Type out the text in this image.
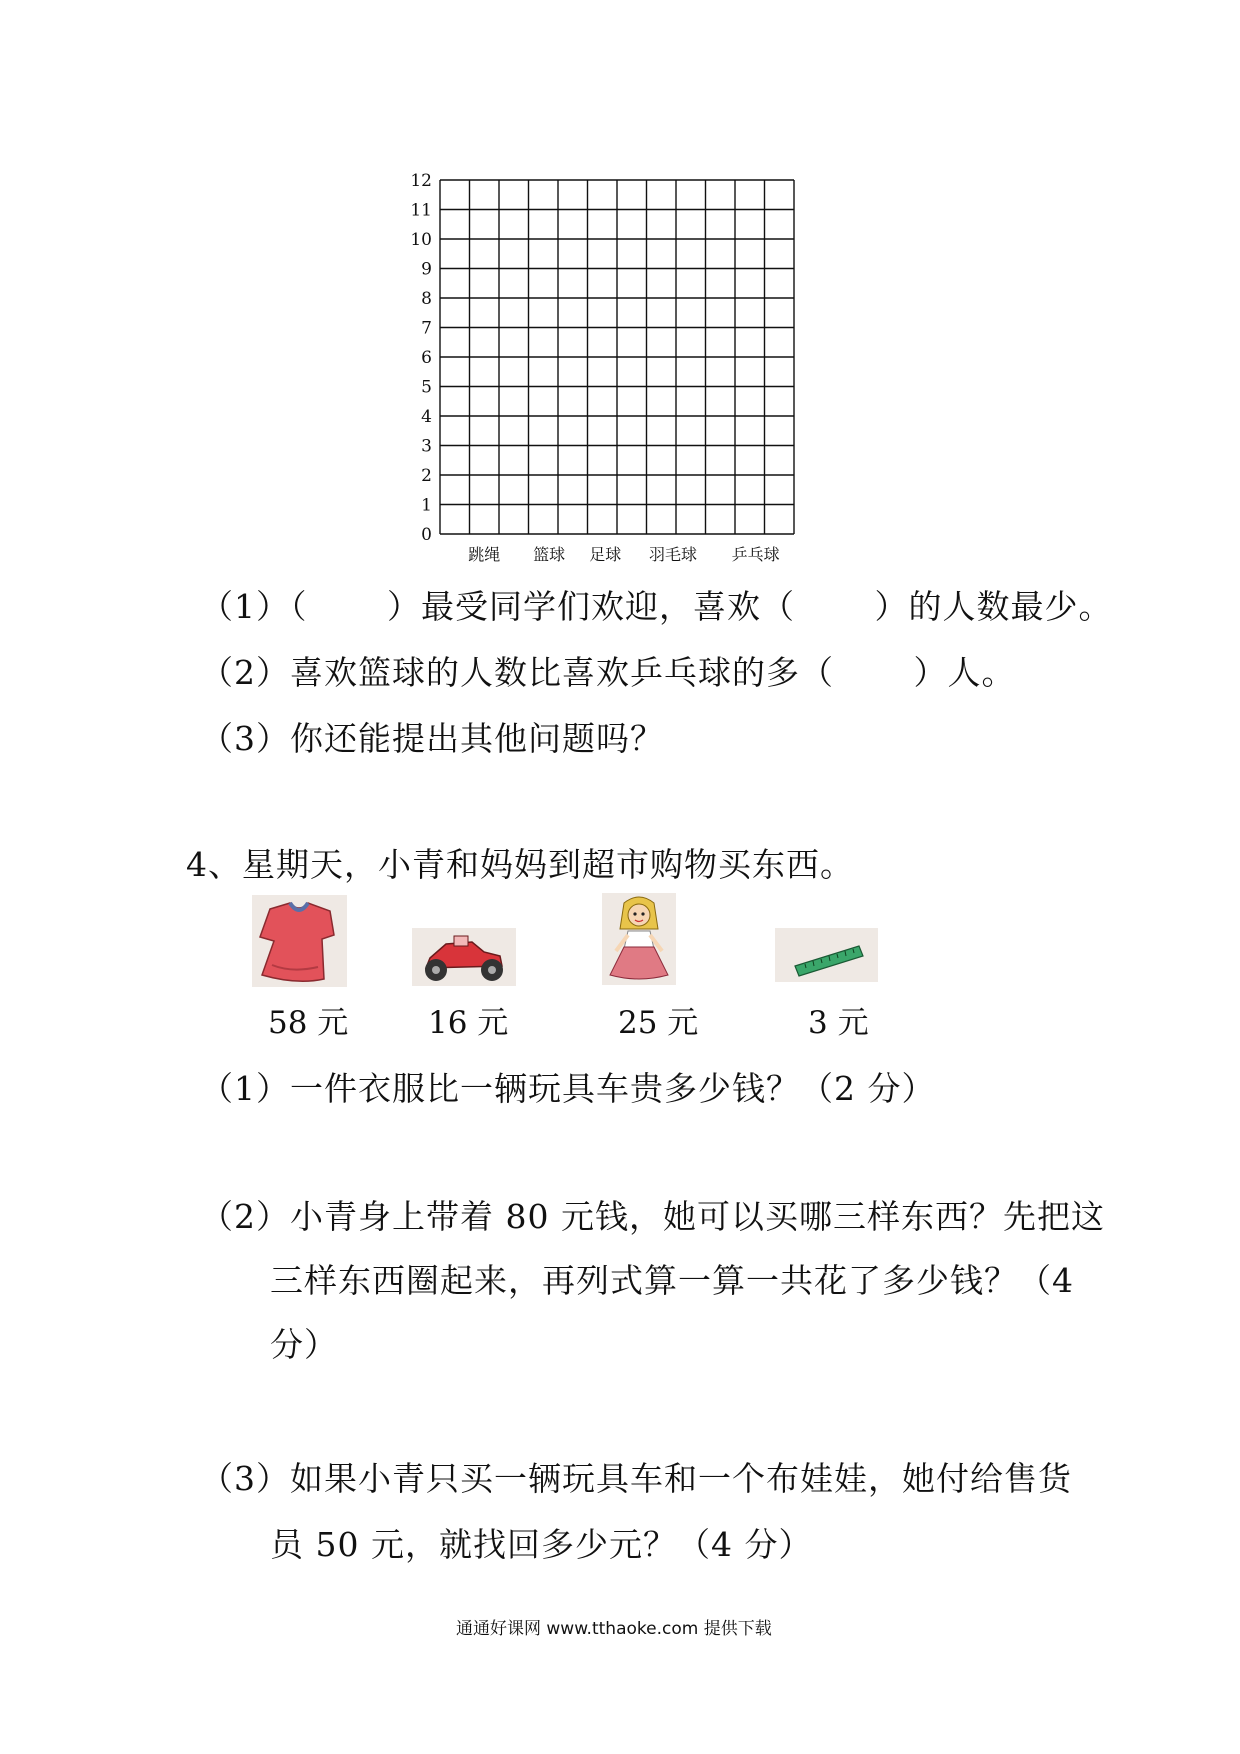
0
1
2
3
4
5
6
7
8
9
10
11
12
跳绳 篮球 足球 羽毛球 乒乓球
（1）（　　 ）最受同学们欢迎，喜欢（　　 ）的人数最少。
（2）喜欢篮球的人数比喜欢乒乓球的多（　　 ）人。
（3）你还能提出其他问题吗？
4、星期天，小青和妈妈到超市购物买东西。
58 元	16 元	25 元	3 元
（1）一件衣服比一辆玩具车贵多少钱？（2 分）
（2）小青身上带着 80 元钱，她可以买哪三样东西？先把这
三样东西圈起来，再列式算一算一共花了多少钱？（4
分）
（3）如果小青只买一辆玩具车和一个布娃娃，她付给售货
员 50 元，就找回多少元？（4 分）
通通好课网 www.tthaoke.com 提供下载
